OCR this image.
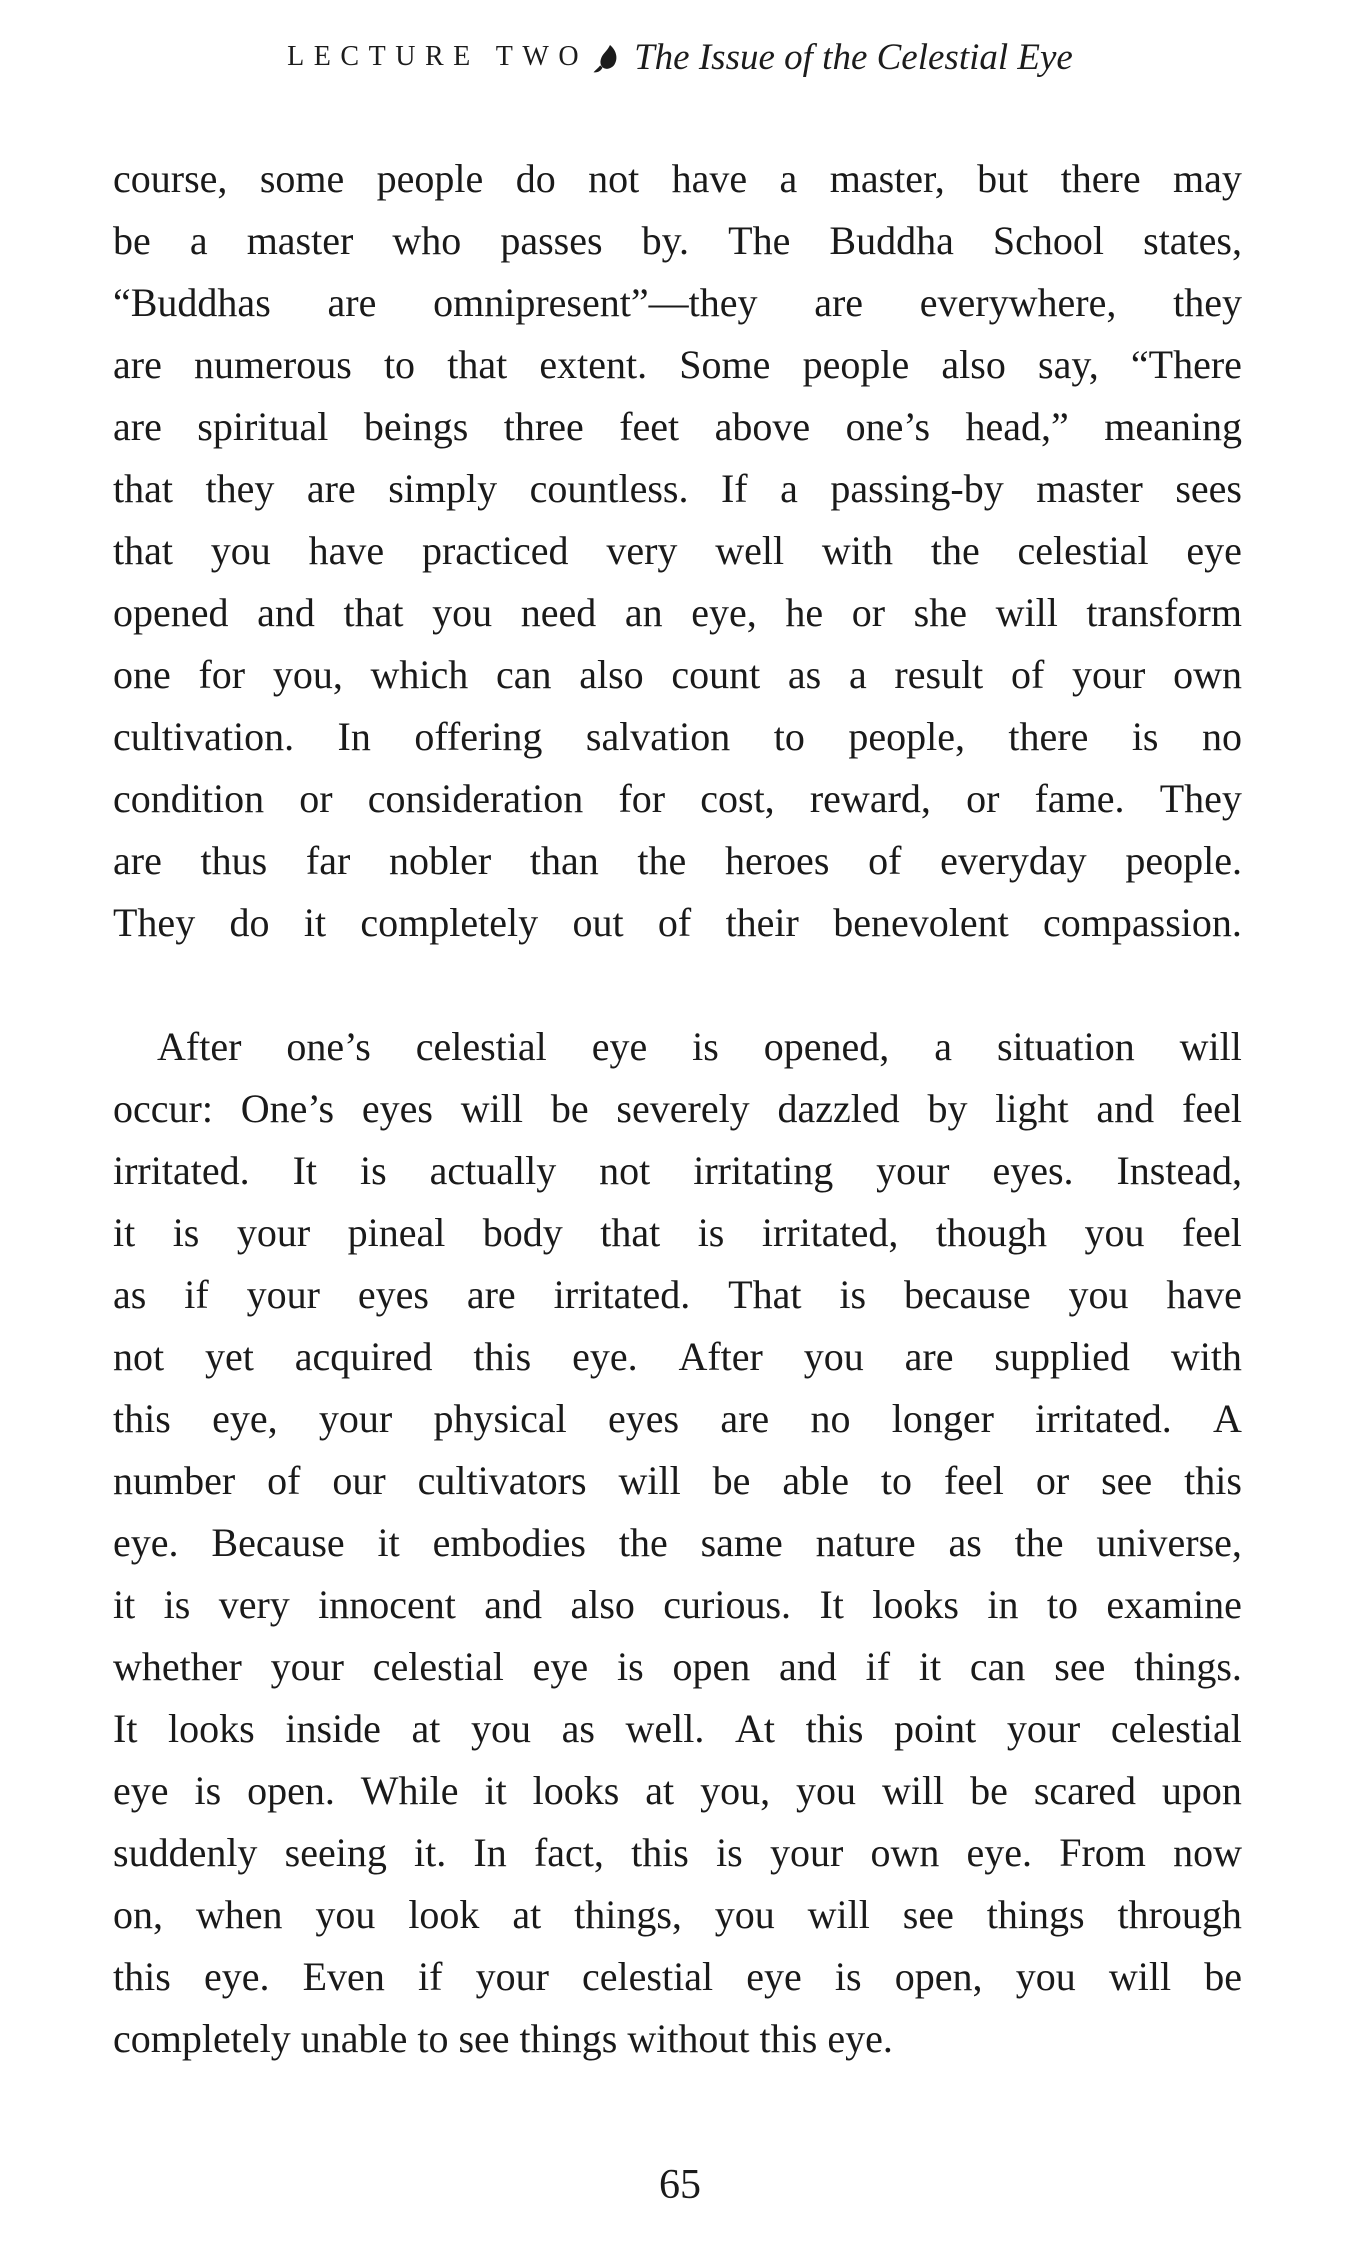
LECTURE TWO The Issue of the Celestial Eye
course, some people do not have a master, but there may
be a master who passes by. The Buddha School states,
“Buddhas are omnipresent”—they are everywhere, they
are numerous to that extent. Some people also say, “There
are spiritual beings three feet above one’s head,” meaning
that they are simply countless. If a passing-by master sees
that you have practiced very well with the celestial eye
opened and that you need an eye, he or she will transform
one for you, which can also count as a result of your own
cultivation. In offering salvation to people, there is no
condition or consideration for cost, reward, or fame. They
are thus far nobler than the heroes of everyday people.
They do it completely out of their benevolent compassion.
After one’s celestial eye is opened, a situation will
occur: One’s eyes will be severely dazzled by light and feel
irritated. It is actually not irritating your eyes. Instead,
it is your pineal body that is irritated, though you feel
as if your eyes are irritated. That is because you have
not yet acquired this eye. After you are supplied with
this eye, your physical eyes are no longer irritated. A
number of our cultivators will be able to feel or see this
eye. Because it embodies the same nature as the universe,
it is very innocent and also curious. It looks in to examine
whether your celestial eye is open and if it can see things.
It looks inside at you as well. At this point your celestial
eye is open. While it looks at you, you will be scared upon
suddenly seeing it. In fact, this is your own eye. From now
on, when you look at things, you will see things through
this eye. Even if your celestial eye is open, you will be
completely unable to see things without this eye.
65
